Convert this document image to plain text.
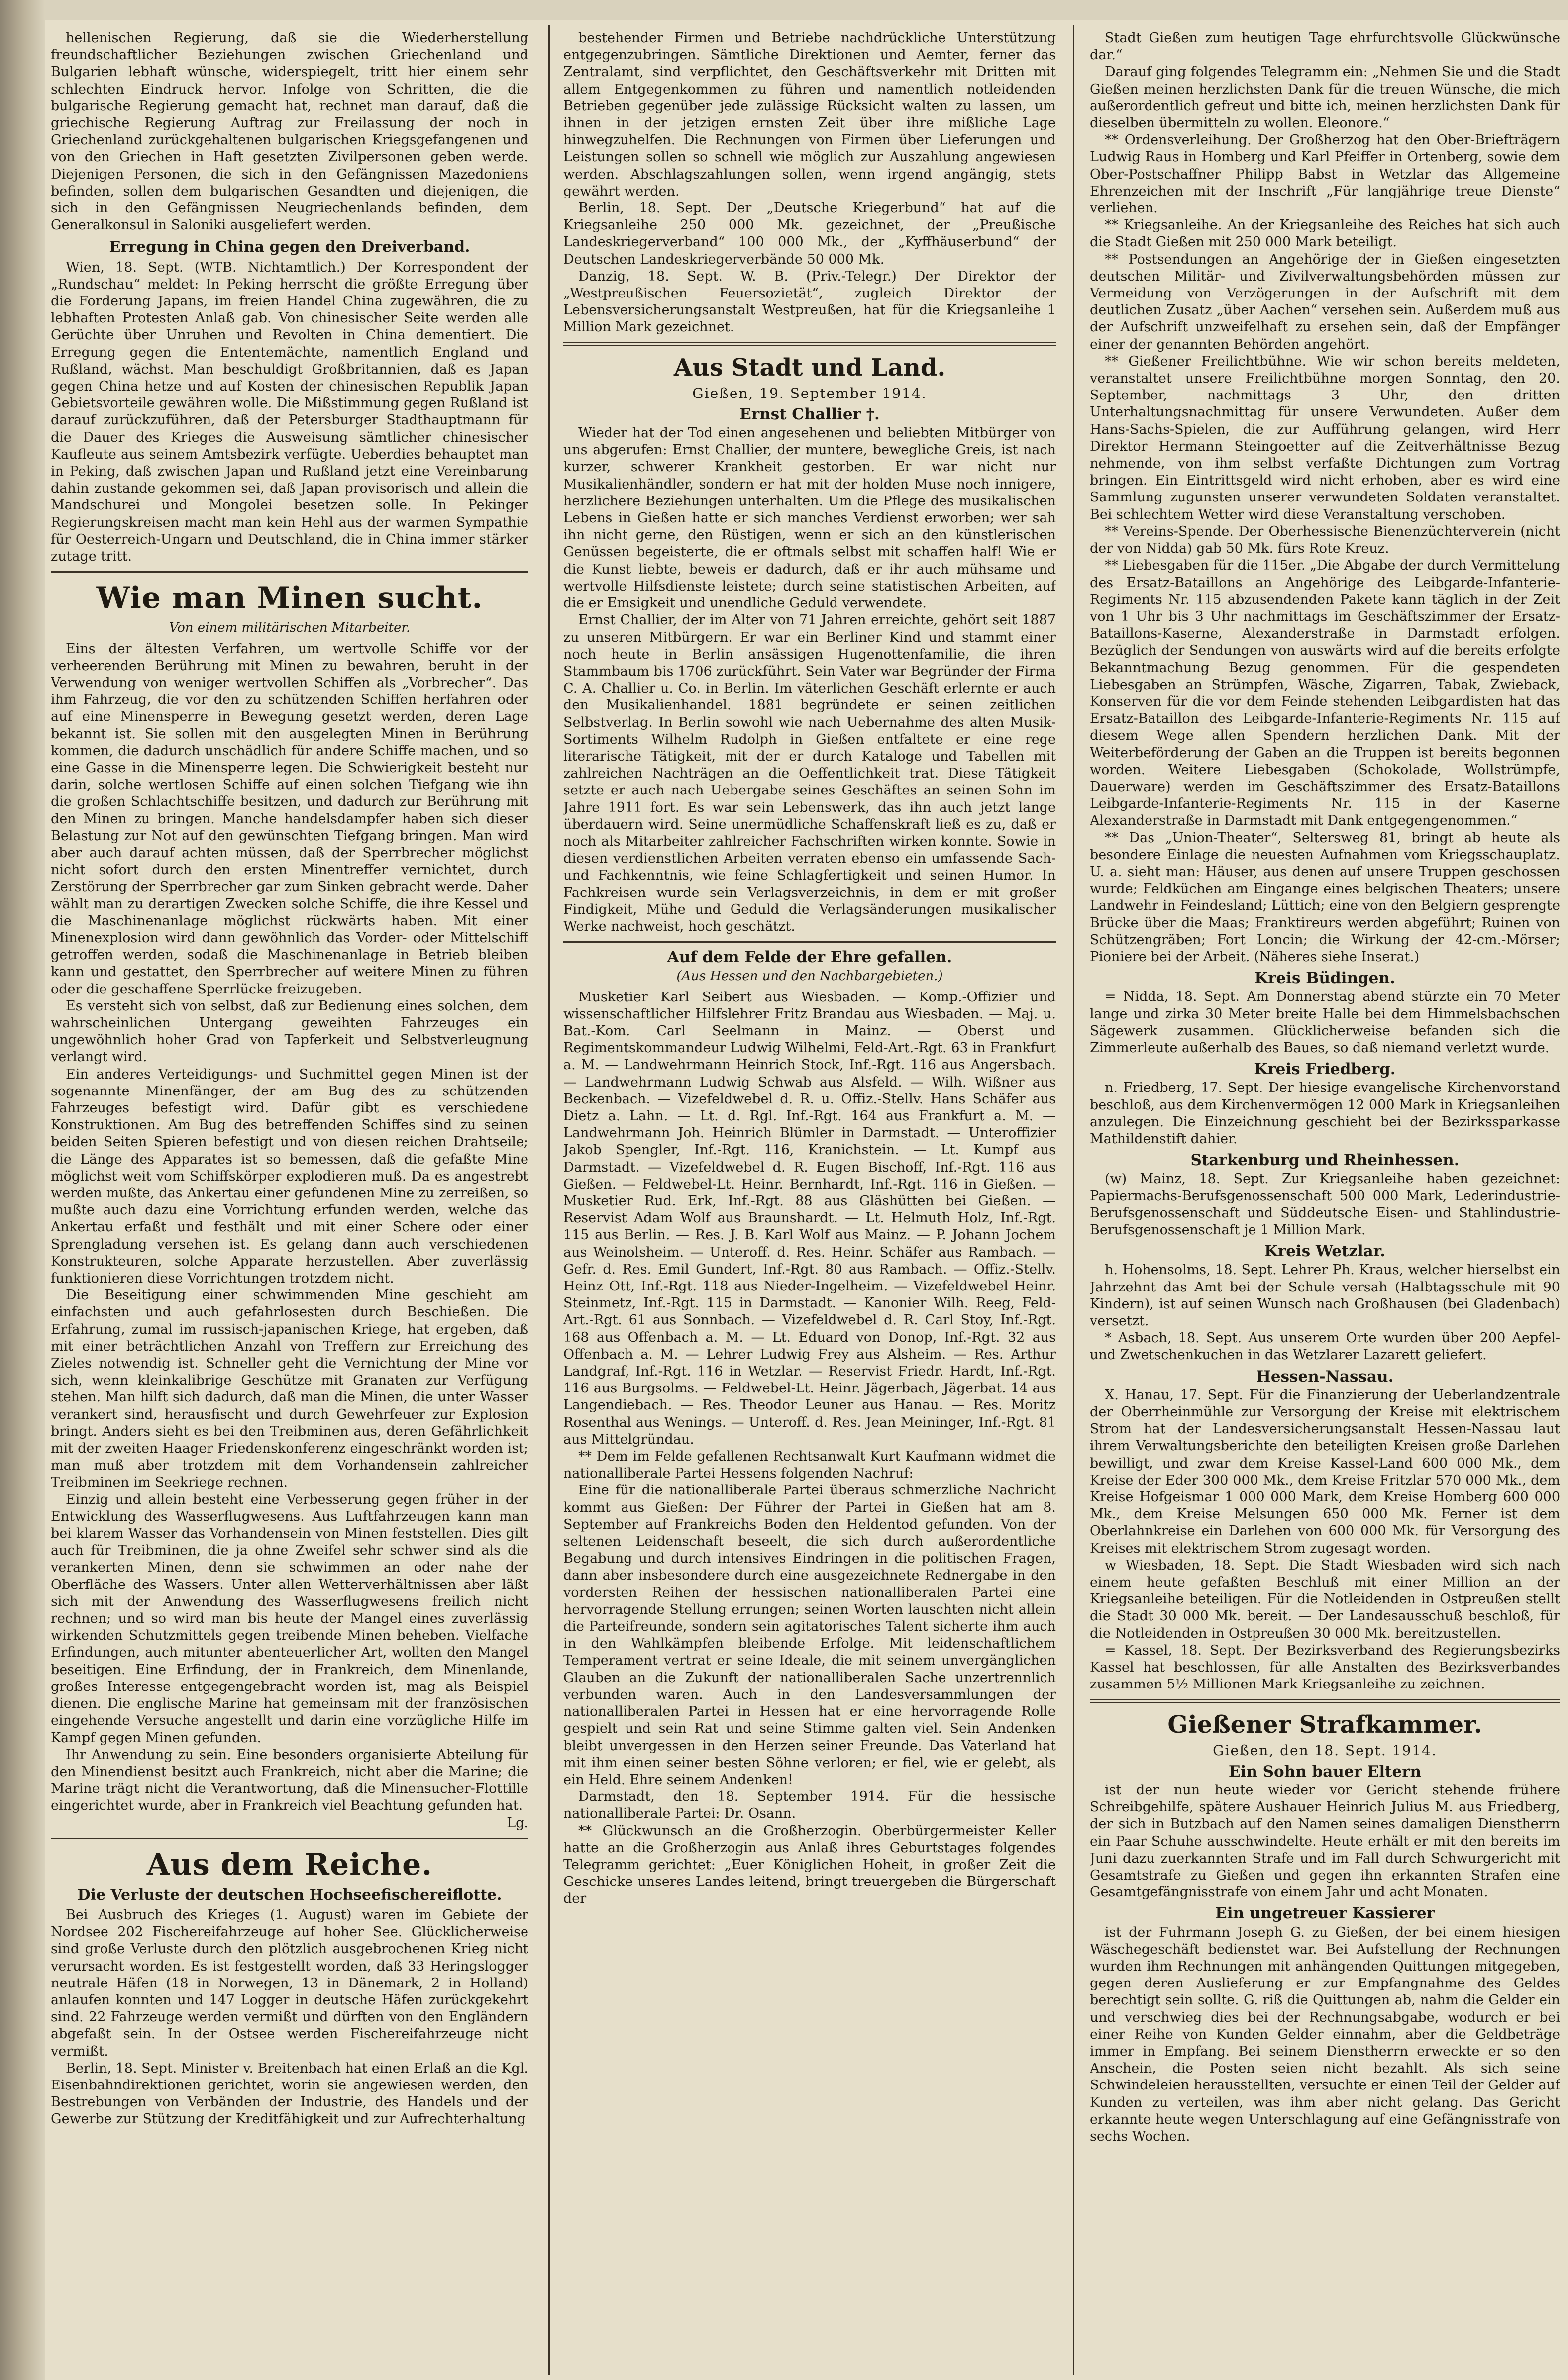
hellenischen Regierung, daß sie die Wiederherstellung freundschaftlicher Beziehungen zwischen Griechenland und Bulgarien lebhaft wünsche, widerspiegelt, tritt hier einem sehr schlechten Eindruck hervor. Infolge von Schritten, die die bulgarische Regierung gemacht hat, rechnet man darauf, daß die griechische Regierung Auftrag zur Freilassung der noch in Griechenland zurückgehaltenen bulgarischen Kriegsgefangenen und von den Griechen in Haft gesetzten Zivilpersonen geben werde. Diejenigen Personen, die sich in den Gefängnissen Mazedoniens befinden, sollen dem bulgarischen Gesandten und diejenigen, die sich in den Gefängnissen Neugriechenlands befinden, dem Generalkonsul in Saloniki ausgeliefert werden.

Erregung in China gegen den Dreiverband.

Wien, 18. Sept. (WTB. Nichtamtlich.) Der Korrespondent der „Rundschau“ meldet: In Peking herrscht die größte Erregung über die Forderung Japans, im freien Handel China zugewähren, die zu lebhaften Protesten Anlaß gab. Von chinesischer Seite werden alle Gerüchte über Unruhen und Revolten in China dementiert. Die Erregung gegen die Ententemächte, namentlich England und Rußland, wächst. Man beschuldigt Großbritannien, daß es Japan gegen China hetze und auf Kosten der chinesischen Republik Japan Gebietsvorteile gewähren wolle. Die Mißstimmung gegen Rußland ist darauf zurückzuführen, daß der Petersburger Stadthauptmann für die Dauer des Krieges die Ausweisung sämtlicher chinesischer Kaufleute aus seinem Amtsbezirk verfügte. Ueberdies behauptet man in Peking, daß zwischen Japan und Rußland jetzt eine Vereinbarung dahin zustande gekommen sei, daß Japan provisorisch und allein die Mandschurei und Mongolei besetzen solle. In Pekinger Regierungskreisen macht man kein Hehl aus der warmen Sympathie für Oesterreich-Ungarn und Deutschland, die in China immer stärker zutage tritt.

Wie man Minen sucht.
Von einem militärischen Mitarbeiter.

Eins der ältesten Verfahren, um wertvolle Schiffe vor der verheerenden Berührung mit Minen zu bewahren, beruht in der Verwendung von weniger wertvollen Schiffen als „Vorbrecher“. Das ihm Fahrzeug, die vor den zu schützenden Schiffen herfahren oder auf eine Minensperre in Bewegung gesetzt werden, deren Lage bekannt ist. Sie sollen mit den ausgelegten Minen in Berührung kommen, die dadurch unschädlich für andere Schiffe machen, und so eine Gasse in die Minensperre legen. Die Schwierigkeit besteht nur darin, solche wertlosen Schiffe auf einen solchen Tiefgang wie ihn die großen Schlachtschiffe besitzen, und dadurch zur Berührung mit den Minen zu bringen. Manche handelsdampfer haben sich dieser Belastung zur Not auf den gewünschten Tiefgang bringen. Man wird aber auch darauf achten müssen, daß der Sperrbrecher möglichst nicht sofort durch den ersten Minentreffer vernichtet, durch Zerstörung der Sperrbrecher gar zum Sinken gebracht werde. Daher wählt man zu derartigen Zwecken solche Schiffe, die ihre Kessel und die Maschinenanlage möglichst rückwärts haben. Mit einer Minenexplosion wird dann gewöhnlich das Vorder- oder Mittelschiff getroffen werden, sodaß die Maschinenanlage in Betrieb bleiben kann und gestattet, den Sperrbrecher auf weitere Minen zu führen oder die geschaffene Sperrlücke freizugeben.

Es versteht sich von selbst, daß zur Bedienung eines solchen, dem wahrscheinlichen Untergang geweihten Fahrzeuges ein ungewöhnlich hoher Grad von Tapferkeit und Selbstverleugnung verlangt wird.

Ein anderes Verteidigungs- und Suchmittel gegen Minen ist der sogenannte Minenfänger, der am Bug des zu schützenden Fahrzeuges befestigt wird. Dafür gibt es verschiedene Konstruktionen. Am Bug des betreffenden Schiffes sind zu seinen beiden Seiten Spieren befestigt und von diesen reichen Drahtseile; die Länge des Apparates ist so bemessen, daß die gefaßte Mine möglichst weit vom Schiffskörper explodieren muß. Da es angestrebt werden mußte, das Ankertau einer gefundenen Mine zu zerreißen, so mußte auch dazu eine Vorrichtung erfunden werden, welche das Ankertau erfaßt und festhält und mit einer Schere oder einer Sprengladung versehen ist. Es gelang dann auch verschiedenen Konstrukteuren, solche Apparate herzustellen. Aber zuverlässig funktionieren diese Vorrichtungen trotzdem nicht.

Die Beseitigung einer schwimmenden Mine geschieht am einfachsten und auch gefahrlosesten durch Beschießen. Die Erfahrung, zumal im russisch-japanischen Kriege, hat ergeben, daß mit einer beträchtlichen Anzahl von Treffern zur Erreichung des Zieles notwendig ist. Schneller geht die Vernichtung der Mine vor sich, wenn kleinkalibrige Geschütze mit Granaten zur Verfügung stehen. Man hilft sich dadurch, daß man die Minen, die unter Wasser verankert sind, herausfischt und durch Gewehrfeuer zur Explosion bringt. Anders sieht es bei den Treibminen aus, deren Gefährlichkeit mit der zweiten Haager Friedenskonferenz eingeschränkt worden ist; man muß aber trotzdem mit dem Vorhandensein zahlreicher Treibminen im Seekriege rechnen.

Einzig und allein besteht eine Verbesserung gegen früher in der Entwicklung des Wasserflugwesens. Aus Luftfahrzeugen kann man bei klarem Wasser das Vorhandensein von Minen feststellen. Dies gilt auch für Treibminen, die ja ohne Zweifel sehr schwer sind als die verankerten Minen, denn sie schwimmen an oder nahe der Oberfläche des Wassers. Unter allen Wetterverhältnissen aber läßt sich mit der Anwendung des Wasserflugwesens freilich nicht rechnen; und so wird man bis heute der Mangel eines zuverlässig wirkenden Schutzmittels gegen treibende Minen beheben. Vielfache Erfindungen, auch mitunter abenteuerlicher Art, wollten den Mangel beseitigen. Eine Erfindung, der in Frankreich, dem Minenlande, großes Interesse entgegengebracht worden ist, mag als Beispiel dienen. Die englische Marine hat gemeinsam mit der französischen eingehende Versuche angestellt und darin eine vorzügliche Hilfe im Kampf gegen Minen gefunden.

Ihr Anwendung zu sein. Eine besonders organisierte Abteilung für den Minendienst besitzt auch Frankreich, nicht aber die Marine; die Marine trägt nicht die Verantwortung, daß die Minensucher-Flottille eingerichtet wurde, aber in Frankreich viel Beachtung gefunden hat.

Lg.
Aus dem Reiche.
Die Verluste der deutschen Hochseefischereiflotte.

Bei Ausbruch des Krieges (1. August) waren im Gebiete der Nordsee 202 Fischereifahrzeuge auf hoher See. Glücklicherweise sind große Verluste durch den plötzlich ausgebrochenen Krieg nicht verursacht worden. Es ist festgestellt worden, daß 33 Heringslogger neutrale Häfen (18 in Norwegen, 13 in Dänemark, 2 in Holland) anlaufen konnten und 147 Logger in deutsche Häfen zurückgekehrt sind. 22 Fahrzeuge werden vermißt und dürften von den Engländern abgefaßt sein. In der Ostsee werden Fischereifahrzeuge nicht vermißt.

Berlin, 18. Sept. Minister v. Breitenbach hat einen Erlaß an die Kgl. Eisenbahndirektionen gerichtet, worin sie angewiesen werden, den Bestrebungen von Verbänden der Industrie, des Handels und der Gewerbe zur Stützung der Kreditfähigkeit und zur Aufrechterhaltung

bestehender Firmen und Betriebe nachdrückliche Unterstützung entgegenzubringen. Sämtliche Direktionen und Aemter, ferner das Zentralamt, sind verpflichtet, den Geschäftsverkehr mit Dritten mit allem Entgegenkommen zu führen und namentlich notleidenden Betrieben gegenüber jede zulässige Rücksicht walten zu lassen, um ihnen in der jetzigen ernsten Zeit über ihre mißliche Lage hinwegzuhelfen. Die Rechnungen von Firmen über Lieferungen und Leistungen sollen so schnell wie möglich zur Auszahlung angewiesen werden. Abschlagszahlungen sollen, wenn irgend angängig, stets gewährt werden.

Berlin, 18. Sept. Der „Deutsche Kriegerbund“ hat auf die Kriegsanleihe 250 000 Mk. gezeichnet, der „Preußische Landeskriegerverband“ 100 000 Mk., der „Kyffhäuserbund“ der Deutschen Landeskriegerverbände 50 000 Mk.

Danzig, 18. Sept. W. B. (Priv.-Telegr.) Der Direktor der „Westpreußischen Feuersozietät“, zugleich Direktor der Lebensversicherungsanstalt Westpreußen, hat für die Kriegsanleihe 1 Million Mark gezeichnet.

Aus Stadt und Land.
Gießen, 19. September 1914.
Ernst Challier †.

Wieder hat der Tod einen angesehenen und beliebten Mitbürger von uns abgerufen: Ernst Challier, der muntere, bewegliche Greis, ist nach kurzer, schwerer Krankheit gestorben. Er war nicht nur Musikalienhändler, sondern er hat mit der holden Muse noch innigere, herzlichere Beziehungen unterhalten. Um die Pflege des musikalischen Lebens in Gießen hatte er sich manches Verdienst erworben; wer sah ihn nicht gerne, den Rüstigen, wenn er sich an den künstlerischen Genüssen begeisterte, die er oftmals selbst mit schaffen half! Wie er die Kunst liebte, beweis er dadurch, daß er ihr auch mühsame und wertvolle Hilfsdienste leistete; durch seine statistischen Arbeiten, auf die er Emsigkeit und unendliche Geduld verwendete.

Ernst Challier, der im Alter von 71 Jahren erreichte, gehört seit 1887 zu unseren Mitbürgern. Er war ein Berliner Kind und stammt einer noch heute in Berlin ansässigen Hugenottenfamilie, die ihren Stammbaum bis 1706 zurückführt. Sein Vater war Begründer der Firma C. A. Challier u. Co. in Berlin. Im väterlichen Geschäft erlernte er auch den Musikalienhandel. 1881 begründete er seinen zeitlichen Selbstverlag. In Berlin sowohl wie nach Uebernahme des alten Musik-Sortiments Wilhelm Rudolph in Gießen entfaltete er eine rege literarische Tätigkeit, mit der er durch Kataloge und Tabellen mit zahlreichen Nachträgen an die Oeffentlichkeit trat. Diese Tätigkeit setzte er auch nach Uebergabe seines Geschäftes an seinen Sohn im Jahre 1911 fort. Es war sein Lebenswerk, das ihn auch jetzt lange überdauern wird. Seine unermüdliche Schaffenskraft ließ es zu, daß er noch als Mitarbeiter zahlreicher Fachschriften wirken konnte. Sowie in diesen verdienstlichen Arbeiten verraten ebenso ein umfassende Sach- und Fachkenntnis, wie feine Schlagfertigkeit und seinen Humor. In Fachkreisen wurde sein Verlagsverzeichnis, in dem er mit großer Findigkeit, Mühe und Geduld die Verlagsänderungen musikalischer Werke nachweist, hoch geschätzt.

Auf dem Felde der Ehre gefallen.
(Aus Hessen und den Nachbargebieten.)

Musketier Karl Seibert aus Wiesbaden. — Komp.-Offizier und wissenschaftlicher Hilfslehrer Fritz Brandau aus Wiesbaden. — Maj. u. Bat.-Kom. Carl Seelmann in Mainz. — Oberst und Regimentskommandeur Ludwig Wilhelmi, Feld-Art.-Rgt. 63 in Frankfurt a. M. — Landwehrmann Heinrich Stock, Inf.-Rgt. 116 aus Angersbach. — Landwehrmann Ludwig Schwab aus Alsfeld. — Wilh. Wißner aus Beckenbach. — Vizefeldwebel d. R. u. Offiz.-Stellv. Hans Schäfer aus Dietz a. Lahn. — Lt. d. Rgl. Inf.-Rgt. 164 aus Frankfurt a. M. — Landwehrmann Joh. Heinrich Blümler in Darmstadt. — Unteroffizier Jakob Spengler, Inf.-Rgt. 116, Kranichstein. — Lt. Kumpf aus Darmstadt. — Vizefeldwebel d. R. Eugen Bischoff, Inf.-Rgt. 116 aus Gießen. — Feldwebel-Lt. Heinr. Bernhardt, Inf.-Rgt. 116 in Gießen. — Musketier Rud. Erk, Inf.-Rgt. 88 aus Gläshütten bei Gießen. — Reservist Adam Wolf aus Braunshardt. — Lt. Helmuth Holz, Inf.-Rgt. 115 aus Berlin. — Res. J. B. Karl Wolf aus Mainz. — P. Johann Jochem aus Weinolsheim. — Unteroff. d. Res. Heinr. Schäfer aus Rambach. — Gefr. d. Res. Emil Gundert, Inf.-Rgt. 80 aus Rambach. — Offiz.-Stellv. Heinz Ott, Inf.-Rgt. 118 aus Nieder-Ingelheim. — Vizefeldwebel Heinr. Steinmetz, Inf.-Rgt. 115 in Darmstadt. — Kanonier Wilh. Reeg, Feld-Art.-Rgt. 61 aus Sonnbach. — Vizefeldwebel d. R. Carl Stoy, Inf.-Rgt. 168 aus Offenbach a. M. — Lt. Eduard von Donop, Inf.-Rgt. 32 aus Offenbach a. M. — Lehrer Ludwig Frey aus Alsheim. — Res. Arthur Landgraf, Inf.-Rgt. 116 in Wetzlar. — Reservist Friedr. Hardt, Inf.-Rgt. 116 aus Burgsolms. — Feldwebel-Lt. Heinr. Jägerbach, Jägerbat. 14 aus Langendiebach. — Res. Theodor Leuner aus Hanau. — Res. Moritz Rosenthal aus Wenings. — Unteroff. d. Res. Jean Meininger, Inf.-Rgt. 81 aus Mittelgründau.

** Dem im Felde gefallenen Rechtsanwalt Kurt Kaufmann widmet die nationalliberale Partei Hessens folgenden Nachruf:

Eine für die nationalliberale Partei überaus schmerzliche Nachricht kommt aus Gießen: Der Führer der Partei in Gießen hat am 8. September auf Frankreichs Boden den Heldentod gefunden. Von der seltenen Leidenschaft beseelt, die sich durch außerordentliche Begabung und durch intensives Eindringen in die politischen Fragen, dann aber insbesondere durch eine ausgezeichnete Rednergabe in den vordersten Reihen der hessischen nationalliberalen Partei eine hervorragende Stellung errungen; seinen Worten lauschten nicht allein die Parteifreunde, sondern sein agitatorisches Talent sicherte ihm auch in den Wahlkämpfen bleibende Erfolge. Mit leidenschaftlichem Temperament vertrat er seine Ideale, die mit seinem unvergänglichen Glauben an die Zukunft der nationalliberalen Sache unzertrennlich verbunden waren. Auch in den Landesversammlungen der nationalliberalen Partei in Hessen hat er eine hervorragende Rolle gespielt und sein Rat und seine Stimme galten viel. Sein Andenken bleibt unvergessen in den Herzen seiner Freunde. Das Vaterland hat mit ihm einen seiner besten Söhne verloren; er fiel, wie er gelebt, als ein Held. Ehre seinem Andenken!

Darmstadt, den 18. September 1914. Für die hessische nationalliberale Partei: Dr. Osann.

** Glückwunsch an die Großherzogin. Oberbürgermeister Keller hatte an die Großherzogin aus Anlaß ihres Geburtstages folgendes Telegramm gerichtet: „Euer Königlichen Hoheit, in großer Zeit die Geschicke unseres Landes leitend, bringt treuergeben die Bürgerschaft der

Stadt Gießen zum heutigen Tage ehrfurchtsvolle Glückwünsche dar.“

Darauf ging folgendes Telegramm ein: „Nehmen Sie und die Stadt Gießen meinen herzlichsten Dank für die treuen Wünsche, die mich außerordentlich gefreut und bitte ich, meinen herzlichsten Dank für dieselben übermitteln zu wollen. Eleonore.“

** Ordensverleihung. Der Großherzog hat den Ober-Briefträgern Ludwig Raus in Homberg und Karl Pfeiffer in Ortenberg, sowie dem Ober-Postschaffner Philipp Babst in Wetzlar das Allgemeine Ehrenzeichen mit der Inschrift „Für langjährige treue Dienste“ verliehen.

** Kriegsanleihe. An der Kriegsanleihe des Reiches hat sich auch die Stadt Gießen mit 250 000 Mark beteiligt.

** Postsendungen an Angehörige der in Gießen eingesetzten deutschen Militär- und Zivilverwaltungsbehörden müssen zur Vermeidung von Verzögerungen in der Aufschrift mit dem deutlichen Zusatz „über Aachen“ versehen sein. Außerdem muß aus der Aufschrift unzweifelhaft zu ersehen sein, daß der Empfänger einer der genannten Behörden angehört.

** Gießener Freilichtbühne. Wie wir schon bereits meldeten, veranstaltet unsere Freilichtbühne morgen Sonntag, den 20. September, nachmittags 3 Uhr, den dritten Unterhaltungsnachmittag für unsere Verwundeten. Außer dem Hans-Sachs-Spielen, die zur Aufführung gelangen, wird Herr Direktor Hermann Steingoetter auf die Zeitverhältnisse Bezug nehmende, von ihm selbst verfaßte Dichtungen zum Vortrag bringen. Ein Eintrittsgeld wird nicht erhoben, aber es wird eine Sammlung zugunsten unserer verwundeten Soldaten veranstaltet. Bei schlechtem Wetter wird diese Veranstaltung verschoben.

** Vereins-Spende. Der Oberhessische Bienenzüchterverein (nicht der von Nidda) gab 50 Mk. fürs Rote Kreuz.

** Liebesgaben für die 115er. „Die Abgabe der durch Vermittelung des Ersatz-Bataillons an Angehörige des Leibgarde-Infanterie-Regiments Nr. 115 abzusendenden Pakete kann täglich in der Zeit von 1 Uhr bis 3 Uhr nachmittags im Geschäftszimmer der Ersatz-Bataillons-Kaserne, Alexanderstraße in Darmstadt erfolgen. Bezüglich der Sendungen von auswärts wird auf die bereits erfolgte Bekanntmachung Bezug genommen. Für die gespendeten Liebesgaben an Strümpfen, Wäsche, Zigarren, Tabak, Zwieback, Konserven für die vor dem Feinde stehenden Leibgardisten hat das Ersatz-Bataillon des Leibgarde-Infanterie-Regiments Nr. 115 auf diesem Wege allen Spendern herzlichen Dank. Mit der Weiterbeförderung der Gaben an die Truppen ist bereits begonnen worden. Weitere Liebesgaben (Schokolade, Wollstrümpfe, Dauerware) werden im Geschäftszimmer des Ersatz-Bataillons Leibgarde-Infanterie-Regiments Nr. 115 in der Kaserne Alexanderstraße in Darmstadt mit Dank entgegengenommen.“

** Das „Union-Theater“, Seltersweg 81, bringt ab heute als besondere Einlage die neuesten Aufnahmen vom Kriegsschauplatz. U. a. sieht man: Häuser, aus denen auf unsere Truppen geschossen wurde; Feldküchen am Eingange eines belgischen Theaters; unsere Landwehr in Feindesland; Lüttich; eine von den Belgiern gesprengte Brücke über die Maas; Franktireurs werden abgeführt; Ruinen von Schützengräben; Fort Loncin; die Wirkung der 42-cm.-Mörser; Pioniere bei der Arbeit. (Näheres siehe Inserat.)

Kreis Büdingen.

= Nidda, 18. Sept. Am Donnerstag abend stürzte ein 70 Meter lange und zirka 30 Meter breite Halle bei dem Himmelsbachschen Sägewerk zusammen. Glücklicherweise befanden sich die Zimmerleute außerhalb des Baues, so daß niemand verletzt wurde.

Kreis Friedberg.

n. Friedberg, 17. Sept. Der hiesige evangelische Kirchenvorstand beschloß, aus dem Kirchenvermögen 12 000 Mark in Kriegsanleihen anzulegen. Die Einzeichnung geschieht bei der Bezirkssparkasse Mathildenstift dahier.

Starkenburg und Rheinhessen.

(w) Mainz, 18. Sept. Zur Kriegsanleihe haben gezeichnet: Papiermachs-Berufsgenossenschaft 500 000 Mark, Lederindustrie-Berufsgenossenschaft und Süddeutsche Eisen- und Stahlindustrie-Berufsgenossenschaft je 1 Million Mark.

Kreis Wetzlar.

h. Hohensolms, 18. Sept. Lehrer Ph. Kraus, welcher hierselbst ein Jahrzehnt das Amt bei der Schule versah (Halbtagsschule mit 90 Kindern), ist auf seinen Wunsch nach Großhausen (bei Gladenbach) versetzt.

* Asbach, 18. Sept. Aus unserem Orte wurden über 200 Aepfel- und Zwetschenkuchen in das Wetzlarer Lazarett geliefert.

Hessen-Nassau.

X. Hanau, 17. Sept. Für die Finanzierung der Ueberlandzentrale der Oberrheinmühle zur Versorgung der Kreise mit elektrischem Strom hat der Landesversicherungsanstalt Hessen-Nassau laut ihrem Verwaltungsberichte den beteiligten Kreisen große Darlehen bewilligt, und zwar dem Kreise Kassel-Land 600 000 Mk., dem Kreise der Eder 300 000 Mk., dem Kreise Fritzlar 570 000 Mk., dem Kreise Hofgeismar 1 000 000 Mark, dem Kreise Homberg 600 000 Mk., dem Kreise Melsungen 650 000 Mk. Ferner ist dem Oberlahnkreise ein Darlehen von 600 000 Mk. für Versorgung des Kreises mit elektrischem Strom zugesagt worden.

w Wiesbaden, 18. Sept. Die Stadt Wiesbaden wird sich nach einem heute gefaßten Beschluß mit einer Million an der Kriegsanleihe beteiligen. Für die Notleidenden in Ostpreußen stellt die Stadt 30 000 Mk. bereit. — Der Landesausschuß beschloß, für die Notleidenden in Ostpreußen 30 000 Mk. bereitzustellen.

= Kassel, 18. Sept. Der Bezirksverband des Regierungsbezirks Kassel hat beschlossen, für alle Anstalten des Bezirksverbandes zusammen 5½ Millionen Mark Kriegsanleihe zu zeichnen.

Gießener Strafkammer.
Gießen, den 18. Sept. 1914.
Ein Sohn bauer Eltern

ist der nun heute wieder vor Gericht stehende frühere Schreibgehilfe, spätere Aushauer Heinrich Julius M. aus Friedberg, der sich in Butzbach auf den Namen seines damaligen Dienstherrn ein Paar Schuhe ausschwindelte. Heute erhält er mit den bereits im Juni dazu zuerkannten Strafe und im Fall durch Schwurgericht mit Gesamtstrafe zu Gießen und gegen ihn erkannten Strafen eine Gesamtgefängnisstrafe von einem Jahr und acht Monaten.

Ein ungetreuer Kassierer

ist der Fuhrmann Joseph G. zu Gießen, der bei einem hiesigen Wäschegeschäft bedienstet war. Bei Aufstellung der Rechnungen wurden ihm Rechnungen mit anhängenden Quittungen mitgegeben, gegen deren Auslieferung er zur Empfangnahme des Geldes berechtigt sein sollte. G. riß die Quittungen ab, nahm die Gelder ein und verschwieg dies bei der Rechnungsabgabe, wodurch er bei einer Reihe von Kunden Gelder einnahm, aber die Geldbeträge immer in Empfang. Bei seinem Dienstherrn erweckte er so den Anschein, die Posten seien nicht bezahlt. Als sich seine Schwindeleien herausstellten, versuchte er einen Teil der Gelder auf Kunden zu verteilen, was ihm aber nicht gelang. Das Gericht erkannte heute wegen Unterschlagung auf eine Gefängnisstrafe von sechs Wochen.
